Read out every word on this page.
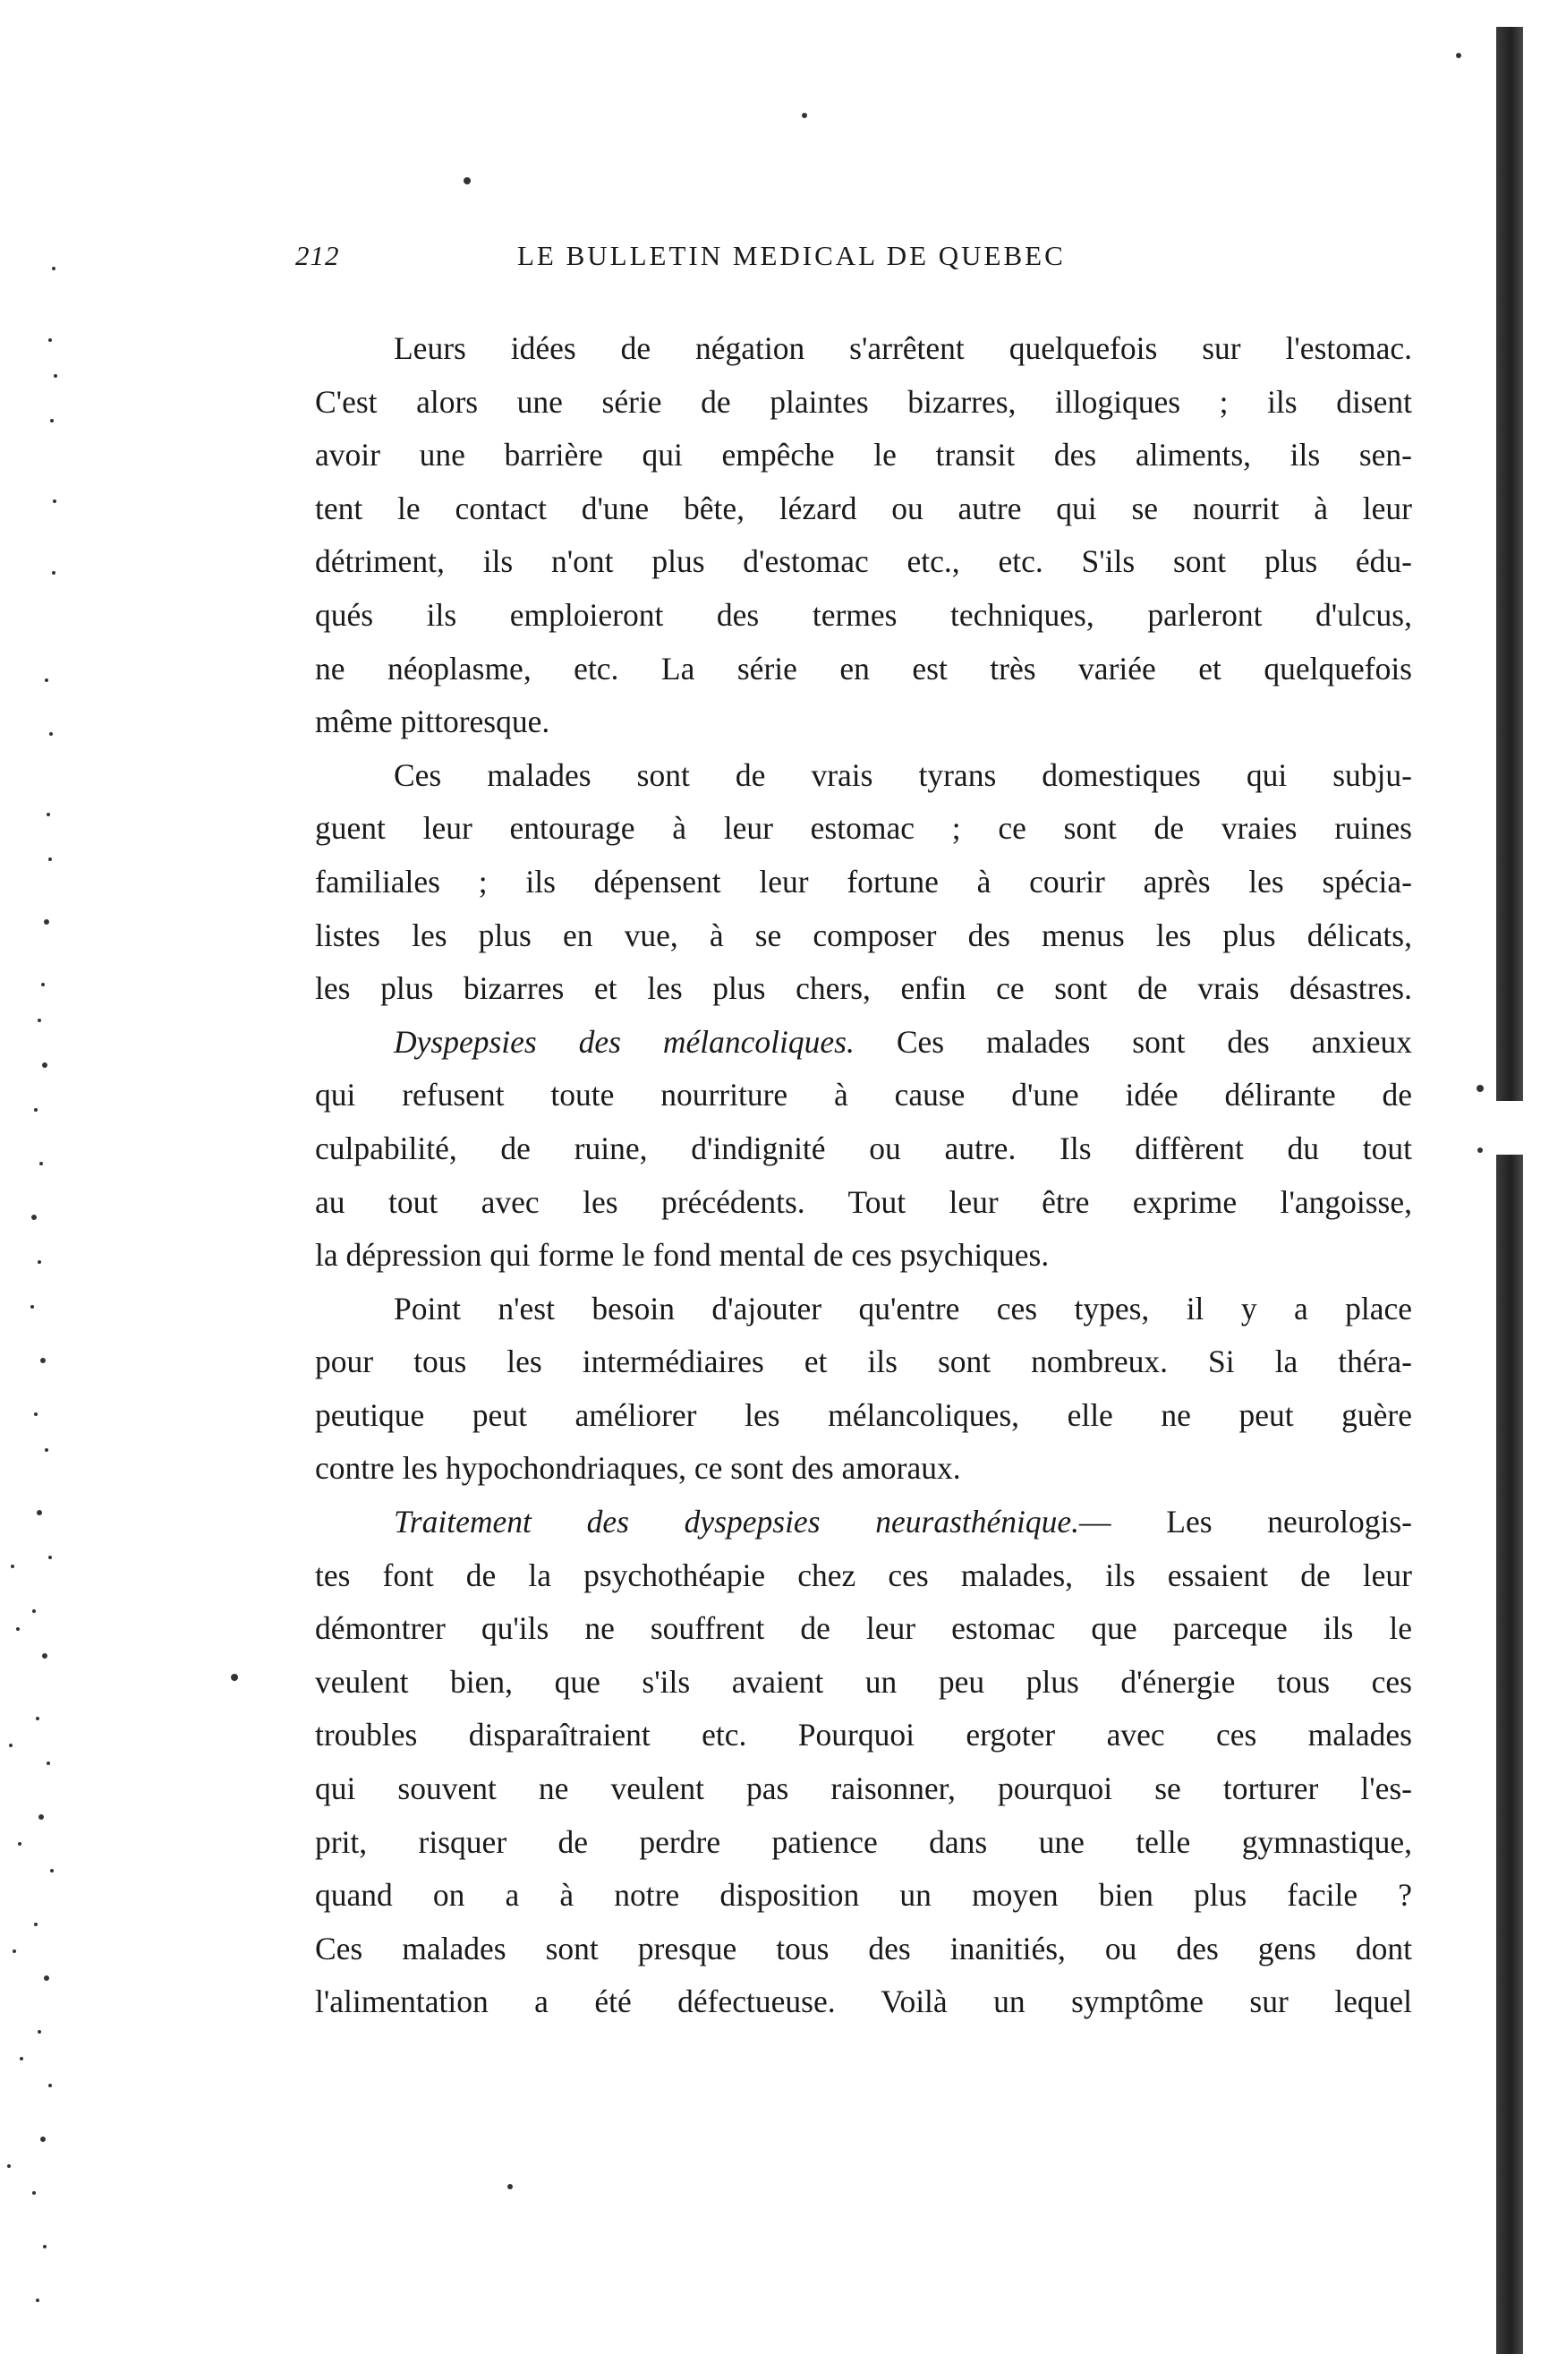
212	LE BULLETIN MEDICAL DE QUEBEC
Leurs idées de négation s'arrêtent quelquefois sur l'estomac.
C'est alors une série de plaintes bizarres, illogiques ; ils disent
avoir une barrière qui empêche le transit des aliments, ils sen-
tent le contact d'une bête, lézard ou autre qui se nourrit à leur
détriment, ils n'ont plus d'estomac etc., etc. S'ils sont plus édu-
qués ils emploieront des termes techniques, parleront d'ulcus,
ne néoplasme, etc. La série en est très variée et quelquefois
même pittoresque.
Ces malades sont de vrais tyrans domestiques qui subju-
guent leur entourage à leur estomac ; ce sont de vraies ruines
familiales ; ils dépensent leur fortune à courir après les spécia-
listes les plus en vue, à se composer des menus les plus délicats,
les plus bizarres et les plus chers, enfin ce sont de vrais désastres.
Dyspepsies des mélancoliques. Ces malades sont des anxieux
qui refusent toute nourriture à cause d'une idée délirante de
culpabilité, de ruine, d'indignité ou autre. Ils diffèrent du tout
au tout avec les précédents. Tout leur être exprime l'angoisse,
la dépression qui forme le fond mental de ces psychiques.
Point n'est besoin d'ajouter qu'entre ces types, il y a place
pour tous les intermédiaires et ils sont nombreux. Si la théra-
peutique peut améliorer les mélancoliques, elle ne peut guère
contre les hypochondriaques, ce sont des amoraux.
Traitement des dyspepsies neurasthénique.— Les neurologis-
tes font de la psychothéapie chez ces malades, ils essaient de leur
démontrer qu'ils ne souffrent de leur estomac que parceque ils le
veulent bien, que s'ils avaient un peu plus d'énergie tous ces
troubles disparaîtraient etc. Pourquoi ergoter avec ces malades
qui souvent ne veulent pas raisonner, pourquoi se torturer l'es-
prit, risquer de perdre patience dans une telle gymnastique,
quand on a à notre disposition un moyen bien plus facile ?
Ces malades sont presque tous des inanitiés, ou des gens dont
l'alimentation a été défectueuse. Voilà un symptôme sur lequel
